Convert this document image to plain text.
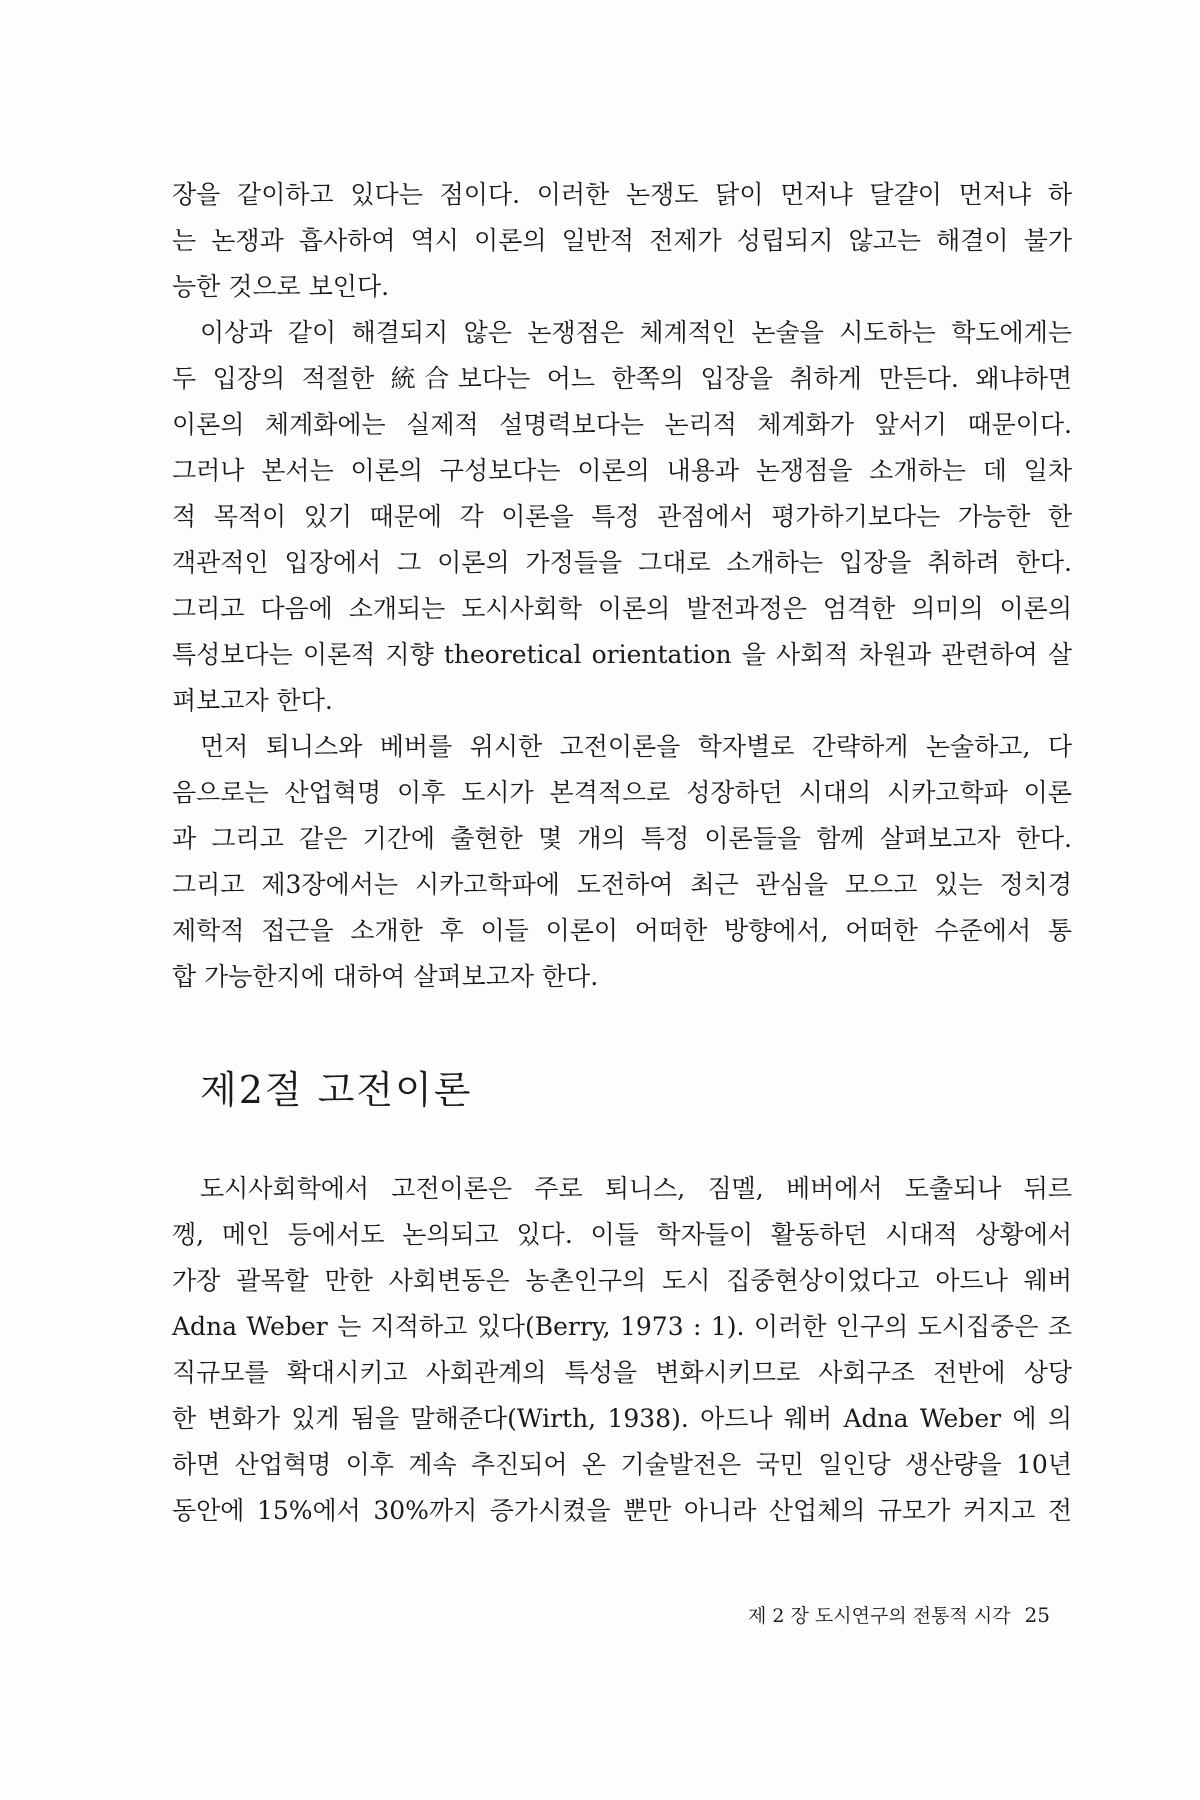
장을 같이하고 있다는 점이다. 이러한 논쟁도 닭이 먼저냐 달걀이 먼저냐 하
는 논쟁과 흡사하여 역시 이론의 일반적 전제가 성립되지 않고는 해결이 불가
능한 것으로 보인다.
이상과 같이 해결되지 않은 논쟁점은 체계적인 논술을 시도하는 학도에게는
두 입장의 적절한 統合보다는 어느 한쪽의 입장을 취하게 만든다. 왜냐하면
이론의 체계화에는 실제적 설명력보다는 논리적 체계화가 앞서기 때문이다.
그러나 본서는 이론의 구성보다는 이론의 내용과 논쟁점을 소개하는 데 일차
적 목적이 있기 때문에 각 이론을 특정 관점에서 평가하기보다는 가능한 한
객관적인 입장에서 그 이론의 가정들을 그대로 소개하는 입장을 취하려 한다.
그리고 다음에 소개되는 도시사회학 이론의 발전과정은 엄격한 의미의 이론의
특성보다는 이론적 지향 theoretical orientation 을 사회적 차원과 관련하여 살
펴보고자 한다.
먼저 퇴니스와 베버를 위시한 고전이론을 학자별로 간략하게 논술하고, 다
음으로는 산업혁명 이후 도시가 본격적으로 성장하던 시대의 시카고학파 이론
과 그리고 같은 기간에 출현한 몇 개의 특정 이론들을 함께 살펴보고자 한다.
그리고 제3장에서는 시카고학파에 도전하여 최근 관심을 모으고 있는 정치경
제학적 접근을 소개한 후 이들 이론이 어떠한 방향에서, 어떠한 수준에서 통
합 가능한지에 대하여 살펴보고자 한다.
제2절 고전이론
도시사회학에서 고전이론은 주로 퇴니스, 짐멜, 베버에서 도출되나 뒤르
껭, 메인 등에서도 논의되고 있다. 이들 학자들이 활동하던 시대적 상황에서
가장 괄목할 만한 사회변동은 농촌인구의 도시 집중현상이었다고 아드나 웨버
Adna Weber 는 지적하고 있다(Berry, 1973 : 1). 이러한 인구의 도시집중은 조
직규모를 확대시키고 사회관계의 특성을 변화시키므로 사회구조 전반에 상당
한 변화가 있게 됨을 말해준다(Wirth, 1938). 아드나 웨버 Adna Weber 에 의
하면 산업혁명 이후 계속 추진되어 온 기술발전은 국민 일인당 생산량을 10년
동안에 15%에서 30%까지 증가시켰을 뿐만 아니라 산업체의 규모가 커지고 전
제 2 장 도시연구의 전통적 시각 25
